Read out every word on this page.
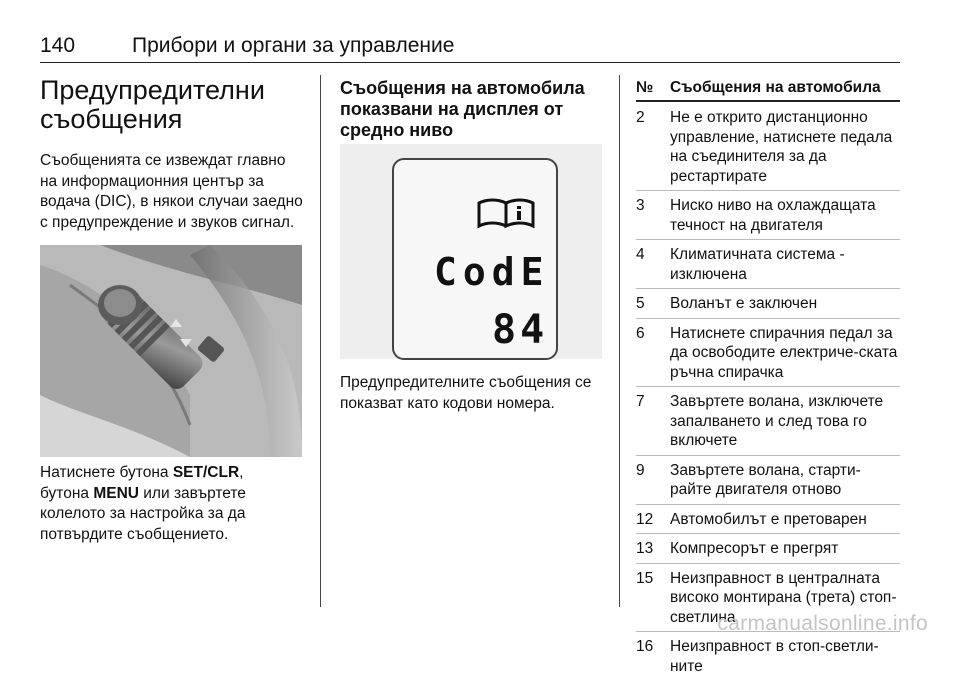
140	Прибори и органи за управление
Предупредителни съобщения

Съобщенията се извеждат главно на информационния център за водача (DIC), в някои случаи заедно с предупреждение и звуков сигнал.

Натиснете бутона SET/CLR,
бутона MENU или завъртете колелото за настройка за да потвърдите съобщението.

Съобщения на автомобила показвани на дисплея от средно ниво
CodE
84

Предупредителните съобщения се показват като кодови номера.

№	Съобщения на автомобила
2	Не е открито дистанционно управление, натиснете педала на съединителя за да рестартирате
3	Ниско ниво на охлаждащата течност на двигателя
4	Климатичната система - изключена
5	Воланът е заключен
6	Натиснете спирачния педал за да освободите електриче-ската ръчна спирачка
7	Завъртете волана, изключете запалването и след това го включете
9	Завъртете волана, старти-райте двигателя отново
12	Автомобилът е претоварен
13	Компресорът е прегрят
15	Неизправност в централната високо монтирана (трета) стоп-светлина
16	Неизправност в стоп-светли-ните
carmanualsonline.info
